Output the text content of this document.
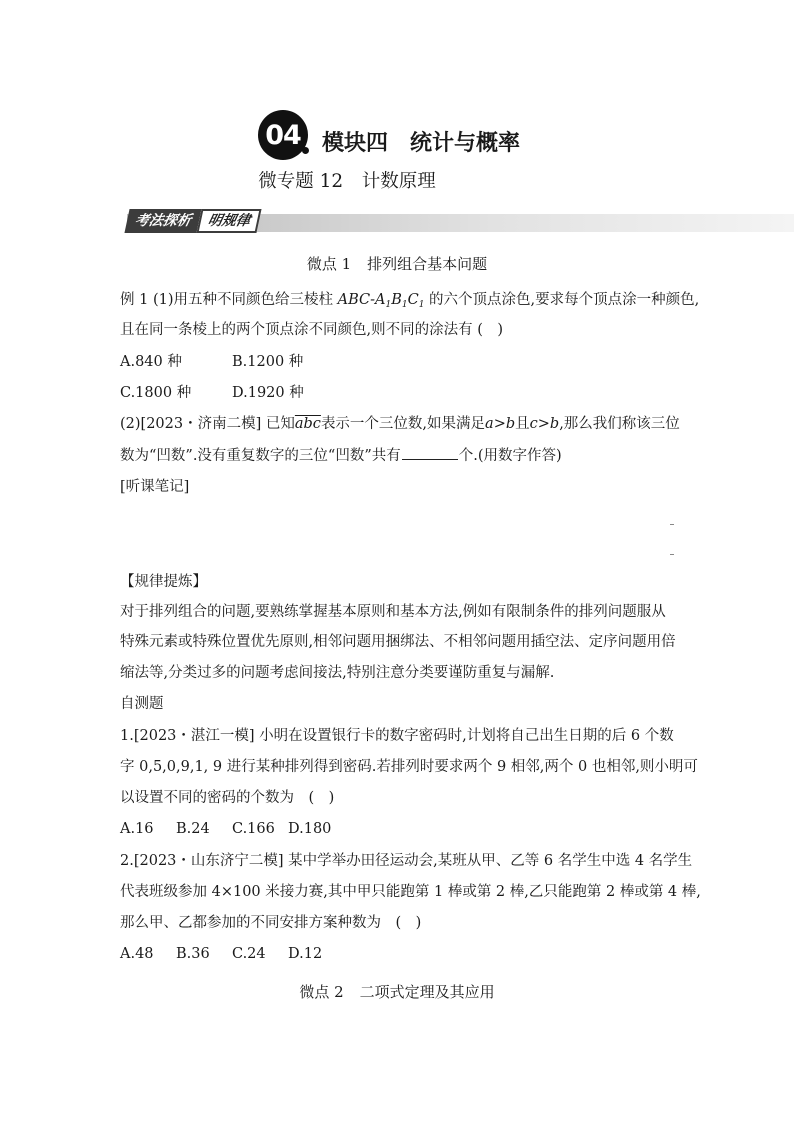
04 模块四 统计与概率
微专题 12　计数原理
考法探析 明规律
微点 1 排列组合基本问题
例 1 (1)用五种不同颜色给三棱柱 ABC-$A_1B_1C_1$ 的六个顶点涂色,要求每个顶点涂一种颜色,
且在同一条棱上的两个顶点涂不同颜色,则不同的涂法有 (　)
A.840 种	B.1200 种
C.1800 种	D.1920 种
(2)[2023・济南二模] 已知$\overline{abc}$表示一个三位数,如果满足a>b且c>b,那么我们称该三位
数为“凹数”.没有重复数字的三位“凹数”共有	个.(用数字作答)
[听课笔记]
【规律提炼】
对于排列组合的问题,要熟练掌握基本原则和基本方法,例如有限制条件的排列问题服从
特殊元素或特殊位置优先原则,相邻问题用捆绑法、不相邻问题用插空法、定序问题用倍
缩法等,分类过多的问题考虑间接法,特别注意分类要谨防重复与漏解.
自测题
1.[2023・湛江一模] 小明在设置银行卡的数字密码时,计划将自己出生日期的后 6 个数
字 0,5,0,9,1, 9 进行某种排列得到密码.若排列时要求两个 9 相邻,两个 0 也相邻,则小明可
以设置不同的密码的个数为　(　)
A.16 B.24 C.166 D.180
2.[2023・山东济宁二模] 某中学举办田径运动会,某班从甲、乙等 6 名学生中选 4 名学生
代表班级参加 4×100 米接力赛,其中甲只能跑第 1 棒或第 2 棒,乙只能跑第 2 棒或第 4 棒,
那么甲、乙都参加的不同安排方案种数为　(　)
A.48 B.36 C.24 D.12
微点 2 二项式定理及其应用
